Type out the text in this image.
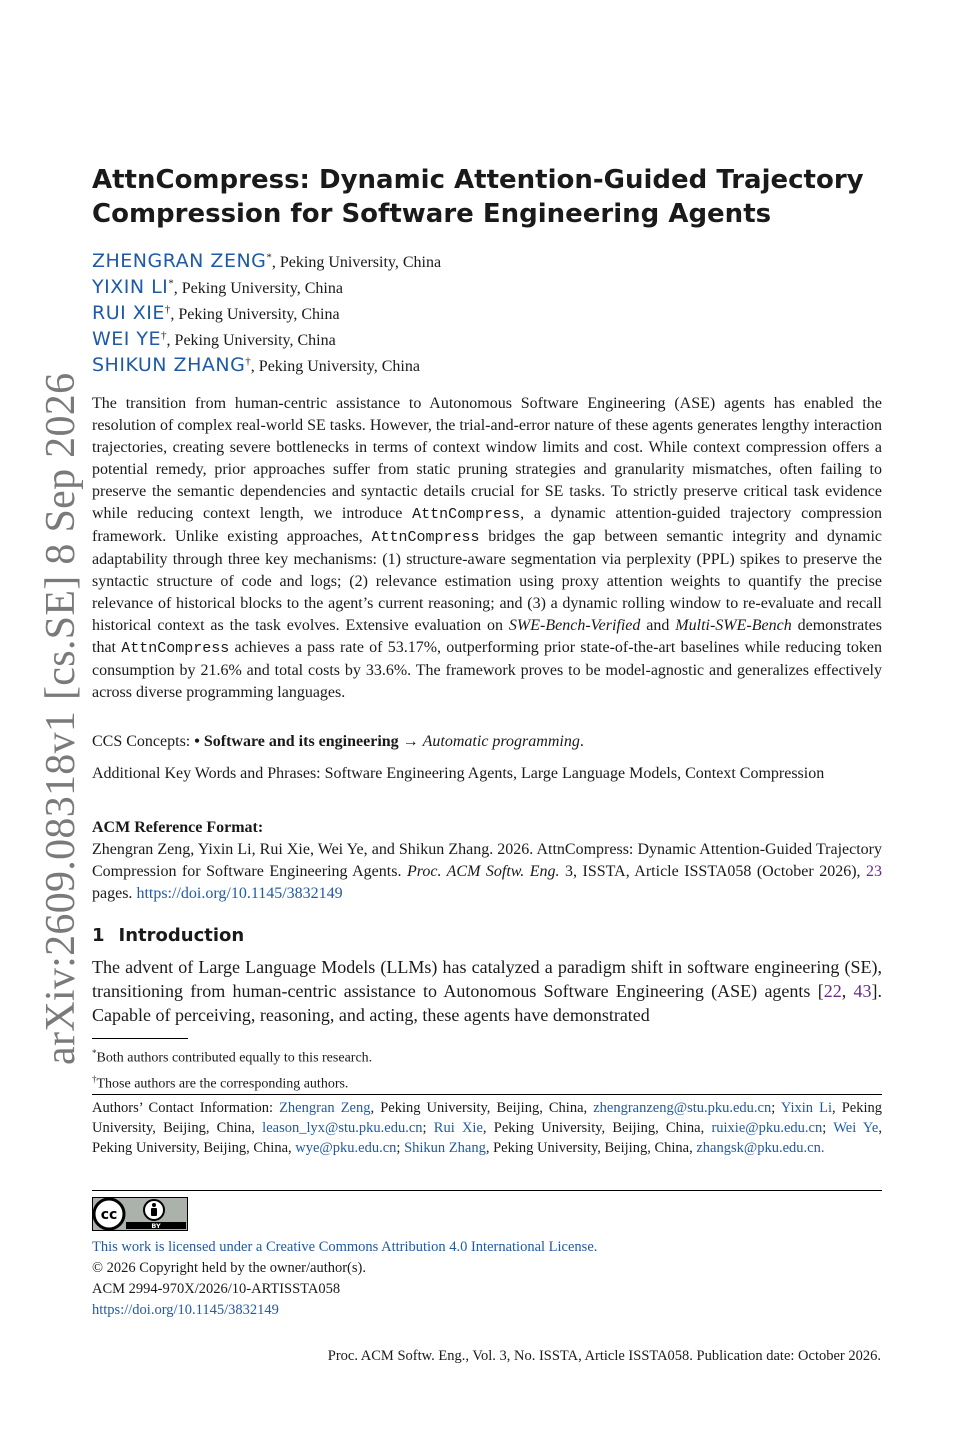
arXiv:2609.08318v1 [cs.SE] 8 Sep 2026
AttnCompress: Dynamic Attention-Guided Trajectory Compression for Software Engineering Agents
ZHENGRAN ZENG*, Peking University, China
YIXIN LI*, Peking University, China
RUI XIE†, Peking University, China
WEI YE†, Peking University, China
SHIKUN ZHANG†, Peking University, China
The transition from human-centric assistance to Autonomous Software Engineering (ASE) agents has enabled the resolution of complex real-world SE tasks. However, the trial-and-error nature of these agents generates lengthy interaction trajectories, creating severe bottlenecks in terms of context window limits and cost. While context compression offers a potential remedy, prior approaches suffer from static pruning strategies and granularity mismatches, often failing to preserve the semantic dependencies and syntactic details crucial for SE tasks. To strictly preserve critical task evidence while reducing context length, we introduce AttnCompress, a dynamic attention-guided trajectory compression framework. Unlike existing approaches, AttnCompress bridges the gap between semantic integrity and dynamic adaptability through three key mechanisms: (1) structure-aware segmentation via perplexity (PPL) spikes to preserve the syntactic structure of code and logs; (2) relevance estimation using proxy attention weights to quantify the precise relevance of historical blocks to the agent’s current reasoning; and (3) a dynamic rolling window to re-evaluate and recall historical context as the task evolves. Extensive evaluation on SWE-Bench-Verified and Multi-SWE-Bench demonstrates that AttnCompress achieves a pass rate of 53.17%, outperforming prior state-of-the-art baselines while reducing token consumption by 21.6% and total costs by 33.6%. The framework proves to be model-agnostic and generalizes effectively across diverse programming languages.
CCS Concepts: • Software and its engineering → Automatic programming.
Additional Key Words and Phrases: Software Engineering Agents, Large Language Models, Context Compression
ACM Reference Format:
Zhengran Zeng, Yixin Li, Rui Xie, Wei Ye, and Shikun Zhang. 2026. AttnCompress: Dynamic Attention-Guided Trajectory Compression for Software Engineering Agents. Proc. ACM Softw. Eng. 3, ISSTA, Article ISSTA058 (October 2026), 23 pages. https://doi.org/10.1145/3832149
1 Introduction
The advent of Large Language Models (LLMs) has catalyzed a paradigm shift in software engineering (SE), transitioning from human-centric assistance to Autonomous Software Engineering (ASE) agents [22, 43]. Capable of perceiving, reasoning, and acting, these agents have demonstrated
*Both authors contributed equally to this research.
†Those authors are the corresponding authors.
Authors’ Contact Information: Zhengran Zeng, Peking University, Beijing, China, zhengranzeng@stu.pku.edu.cn; Yixin Li, Peking University, Beijing, China, leason_lyx@stu.pku.edu.cn; Rui Xie, Peking University, Beijing, China, ruixie@pku.edu.cn; Wei Ye, Peking University, Beijing, China, wye@pku.edu.cn; Shikun Zhang, Peking University, Beijing, China, zhangsk@pku.edu.cn.
cc
BY
This work is licensed under a Creative Commons Attribution 4.0 International License.
© 2026 Copyright held by the owner/author(s).
ACM 2994-970X/2026/10-ARTISSTA058
https://doi.org/10.1145/3832149
Proc. ACM Softw. Eng., Vol. 3, No. ISSTA, Article ISSTA058. Publication date: October 2026.
